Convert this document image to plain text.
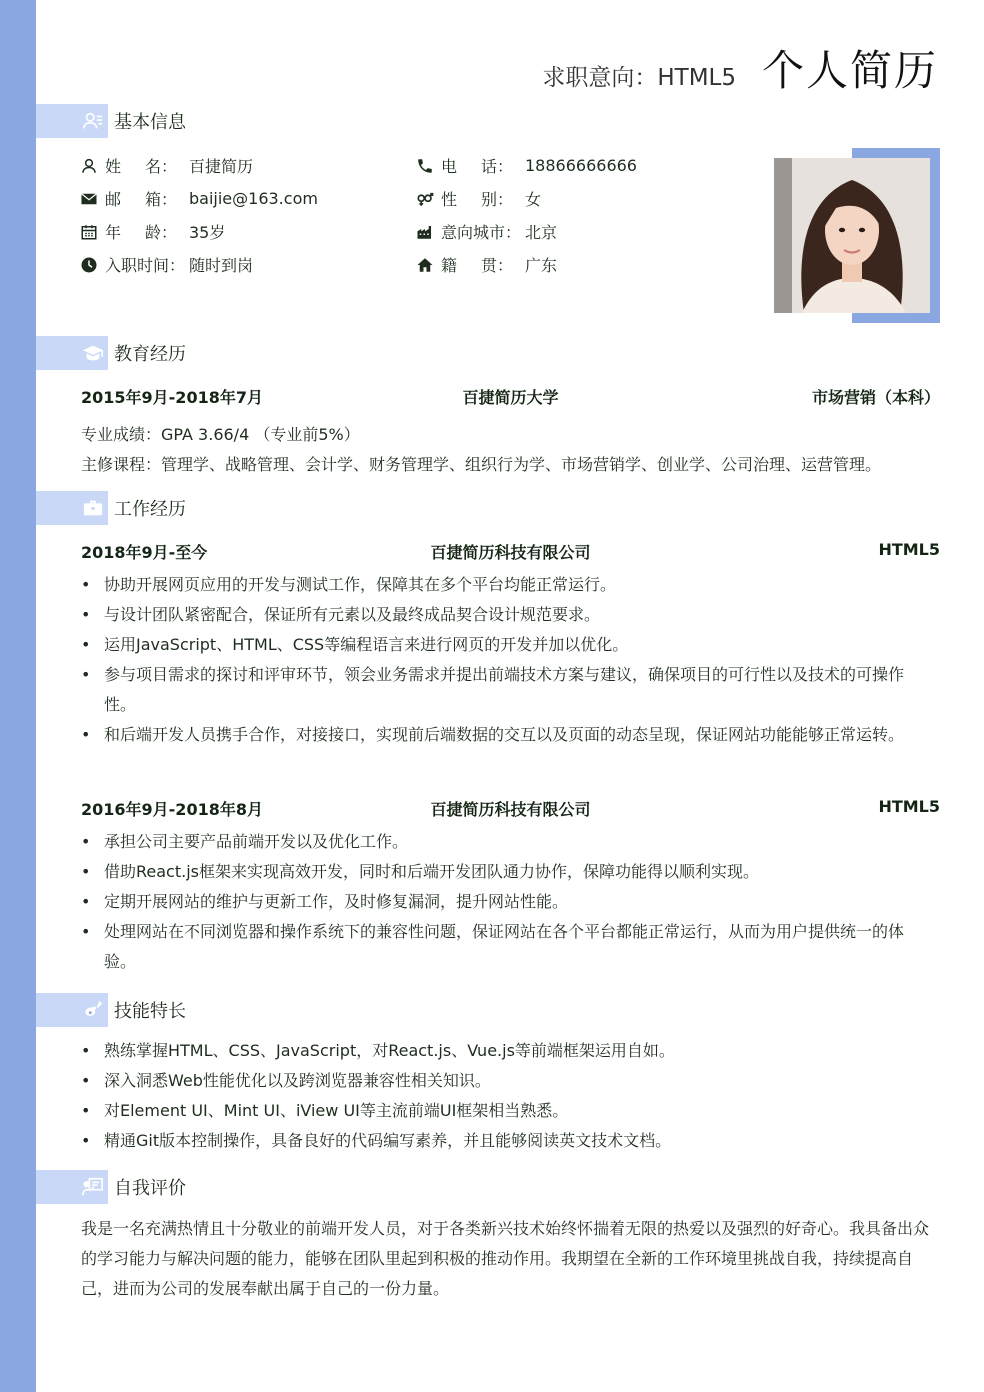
求职意向：HTML5 个人简历
基本信息
姓 名： 百捷简历	电 话： 18866666666
邮 箱： baijie@163.com	性 别： 女
年 龄： 35岁	意向城市： 北京
入职时间： 随时到岗	籍 贯： 广东
教育经历
2015年9月-2018年7月	百捷简历大学	市场营销（本科）
专业成绩：GPA 3.66/4 （专业前5%）
主修课程：管理学、战略管理、会计学、财务管理学、组织行为学、市场营销学、创业学、公司治理、运营管理。
工作经历
2018年9月-至今	百捷简历科技有限公司	HTML5
• 协助开展网页应用的开发与测试工作，保障其在多个平台均能正常运行。
• 与设计团队紧密配合，保证所有元素以及最终成品契合设计规范要求。
• 运用JavaScript、HTML、CSS等编程语言来进行网页的开发并加以优化。
• 参与项目需求的探讨和评审环节，领会业务需求并提出前端技术方案与建议，确保项目的可行性以及技术的可操作性。
• 和后端开发人员携手合作，对接接口，实现前后端数据的交互以及页面的动态呈现，保证网站功能能够正常运转。
2016年9月-2018年8月	百捷简历科技有限公司	HTML5
• 承担公司主要产品前端开发以及优化工作。
• 借助React.js框架来实现高效开发，同时和后端开发团队通力协作，保障功能得以顺利实现。
• 定期开展网站的维护与更新工作，及时修复漏洞，提升网站性能。
• 处理网站在不同浏览器和操作系统下的兼容性问题，保证网站在各个平台都能正常运行，从而为用户提供统一的体验。
技能特长
• 熟练掌握HTML、CSS、JavaScript，对React.js、Vue.js等前端框架运用自如。
• 深入洞悉Web性能优化以及跨浏览器兼容性相关知识。
• 对Element UI、Mint UI、iView UI等主流前端UI框架相当熟悉。
• 精通Git版本控制操作，具备良好的代码编写素养，并且能够阅读英文技术文档。
自我评价
我是一名充满热情且十分敬业的前端开发人员，对于各类新兴技术始终怀揣着无限的热爱以及强烈的好奇心。我具备出众的学习能力与解决问题的能力，能够在团队里起到积极的推动作用。我期望在全新的工作环境里挑战自我，持续提高自己，进而为公司的发展奉献出属于自己的一份力量。
